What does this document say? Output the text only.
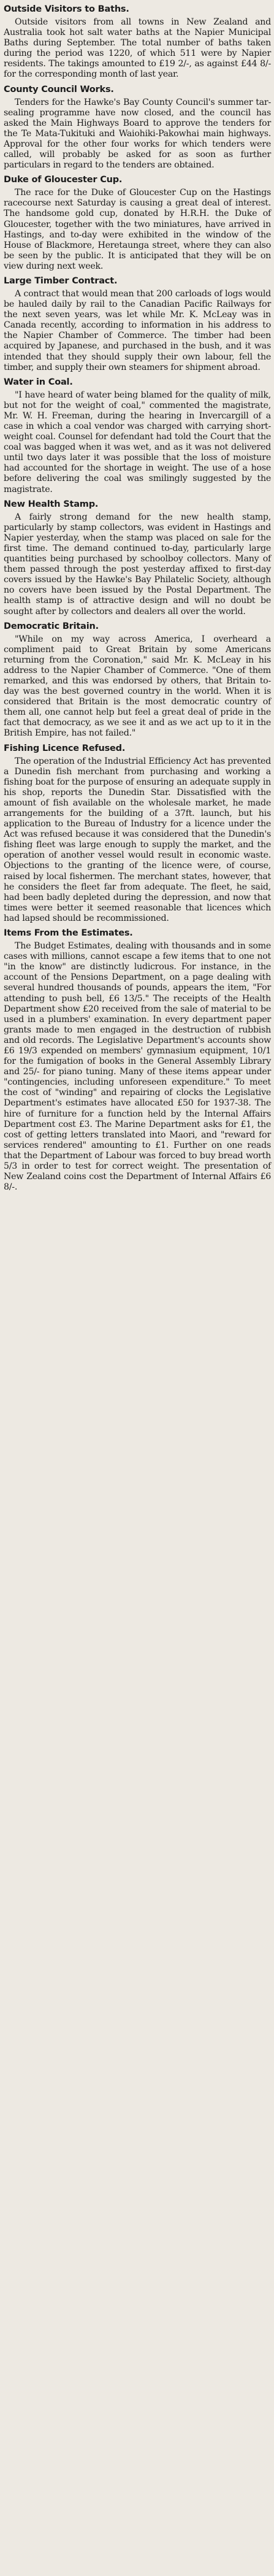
Outside Visitors to Baths.

Outside visitors from all towns in New Zealand and Australia took hot salt water baths at the Napier Municipal Baths during September. The total number of baths taken during the period was 1220, of which 511 were by Napier residents. The takings amounted to £19 2/-, as against £44 8/- for the corresponding month of last year.

County Council Works.

Tenders for the Hawke's Bay County Council's summer tar-sealing programme have now closed, and the council has asked the Main Highways Board to approve the tenders for the Te Mata-Tukituki and Waiohiki-Pakowhai main highways. Approval for the other four works for which tenders were called, will probably be asked for as soon as further particulars in regard to the tenders are obtained.

Duke of Gloucester Cup.

The race for the Duke of Gloucester Cup on the Hastings racecourse next Saturday is causing a great deal of interest. The handsome gold cup, donated by H.R.H. the Duke of Gloucester, together with the two miniatures, have arrived in Hastings, and to-day were exhibited in the window of the House of Blackmore, Heretaunga street, where they can also be seen by the public. It is anticipated that they will be on view during next week.

Large Timber Contract.

A contract that would mean that 200 carloads of logs would be hauled daily by rail to the Canadian Pacific Railways for the next seven years, was let while Mr. K. McLeay was in Canada recently, according to information in his address to the Napier Chamber of Commerce. The timber had been acquired by Japanese, and purchased in the bush, and it was intended that they should supply their own labour, fell the timber, and supply their own steamers for shipment abroad.

Water in Coal.

"I have heard of water being blamed for the quality of milk, but not for the weight of coal," commented the magistrate, Mr. W. H. Freeman, during the hearing in Invercargill of a case in which a coal vendor was charged with carrying short-weight coal. Counsel for defendant had told the Court that the coal was bagged when it was wet, and as it was not delivered until two days later it was possible that the loss of moisture had accounted for the shortage in weight. The use of a hose before delivering the coal was smilingly suggested by the magistrate.

New Health Stamp.

A fairly strong demand for the new health stamp, particularly by stamp collectors, was evident in Hastings and Napier yesterday, when the stamp was placed on sale for the first time. The demand continued to-day, particularly large quantities being purchased by schoolboy collectors. Many of them passed through the post yesterday affixed to first-day covers issued by the Hawke's Bay Philatelic Society, although no covers have been issued by the Postal Department. The health stamp is of attractive design and will no doubt be sought after by collectors and dealers all over the world.

Democratic Britain.

"While on my way across America, I overheard a compliment paid to Great Britain by some Americans returning from the Coronation," said Mr. K. McLeay in his address to the Napier Chamber of Commerce. "One of them remarked, and this was endorsed by others, that Britain to-day was the best governed country in the world. When it is considered that Britain is the most democratic country of them all, one cannot help but feel a great deal of pride in the fact that democracy, as we see it and as we act up to it in the British Empire, has not failed."

Fishing Licence Refused.

The operation of the Industrial Efficiency Act has prevented a Dunedin fish merchant from purchasing and working a fishing boat for the purpose of ensuring an adequate supply in his shop, reports the Dunedin Star. Dissatisfied with the amount of fish available on the wholesale market, he made arrangements for the building of a 37ft. launch, but his application to the Bureau of Industry for a licence under the Act was refused because it was considered that the Dunedin's fishing fleet was large enough to supply the market, and the operation of another vessel would result in economic waste. Objections to the granting of the licence were, of course, raised by local fishermen. The merchant states, however, that he considers the fleet far from adequate. The fleet, he said, had been badly depleted during the depression, and now that times were better it seemed reasonable that licences which had lapsed should be recommissioned.

Items From the Estimates.

The Budget Estimates, dealing with thousands and in some cases with millions, cannot escape a few items that to one not "in the know" are distinctly ludicrous. For instance, in the account of the Pensions Department, on a page dealing with several hundred thousands of pounds, appears the item, "For attending to push bell, £6 13/5." The receipts of the Health Department show £20 received from the sale of material to be used in a plumbers' examination. In every department paper grants made to men engaged in the destruction of rubbish and old records. The Legislative Department's accounts show £6 19/3 expended on members' gymnasium equipment, 10/1 for the fumigation of books in the General Assembly Library and 25/- for piano tuning. Many of these items appear under "contingencies, including unforeseen expenditure." To meet the cost of "winding" and repairing of clocks the Legislative Department's estimates have allocated £50 for 1937-38. The hire of furniture for a function held by the Internal Affairs Department cost £3. The Marine Department asks for £1, the cost of getting letters translated into Maori, and "reward for services rendered" amounting to £1. Further on one reads that the Department of Labour was forced to buy bread worth 5/3 in order to test for correct weight. The presentation of New Zealand coins cost the Department of Internal Affairs £6 8/-.
